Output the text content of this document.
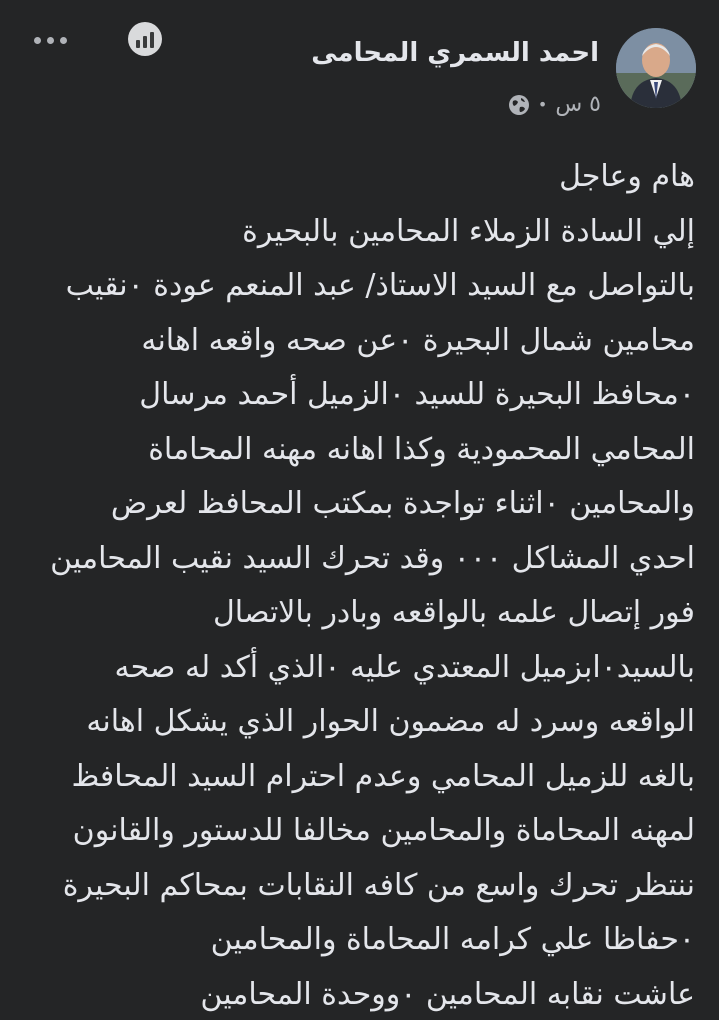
احمد السمري المحامى
٥ س
•
هام وعاجل
إلي السادة الزملاء المحامين بالبحيرة
بالتواصل مع السيد الاستاذ/ عبد المنعم عودة ٠نقيب
محامين شمال البحيرة ٠عن صحه واقعه اهانه
٠محافظ البحيرة للسيد ٠الزميل أحمد مرسال
المحامي المحمودية وكذا اهانه مهنه المحاماة
والمحامين ٠اثناء تواجدة بمكتب المحافظ لعرض
احدي المشاكل ٠٠٠ وقد تحرك السيد نقيب المحامين
فور إتصال علمه بالواقعه وبادر بالاتصال
بالسيد٠ابزميل المعتدي عليه ٠الذي أكد له صحه
الواقعه وسرد له مضمون الحوار الذي يشكل اهانه
بالغه للزميل المحامي وعدم احترام السيد المحافظ
لمهنه المحاماة والمحامين مخالفا للدستور والقانون
ننتظر تحرك واسع من كافه النقابات بمحاكم البحيرة
٠حفاظا علي كرامه المحاماة والمحامين
عاشت نقابه المحامين ٠ووحدة المحامين
